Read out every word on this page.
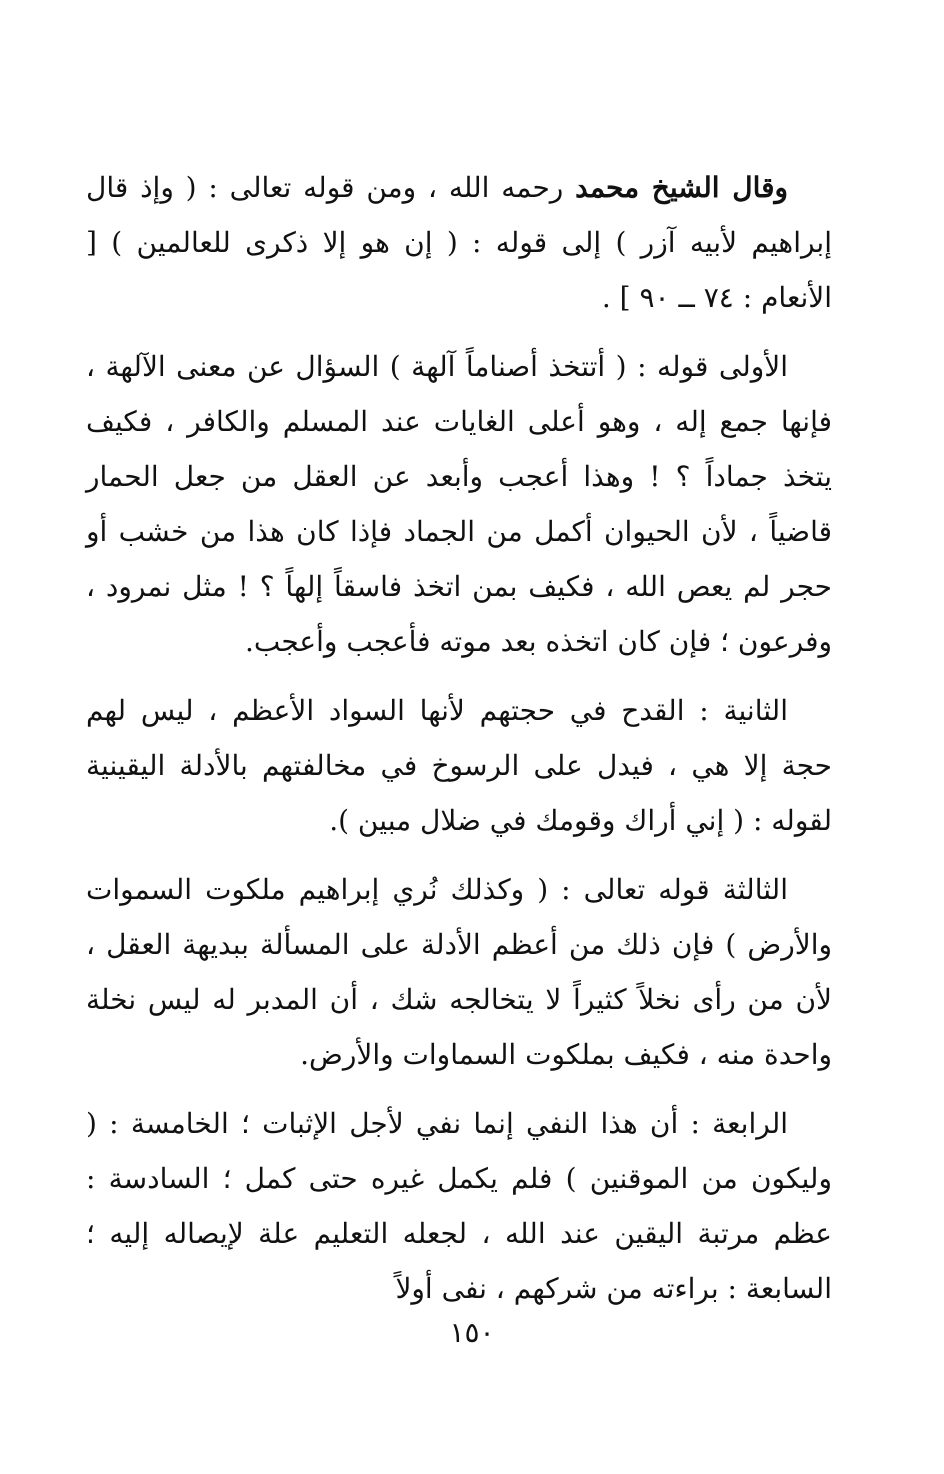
وقال الشيخ محمد رحمه الله ، ومن قوله تعالى : ( وإذ قال إبراهيم لأبيه آزر ) إلى قوله : ( إن هو إلا ذكرى للعالمين ) [ الأنعام : ٧٤ ــ ٩٠ ] .

الأولى قوله : ( أتتخذ أصناماً آلهة ) السؤال عن معنى الآلهة ، فإنها جمع إله ، وهو أعلى الغايات عند المسلم والكافر ، فكيف يتخذ جماداً ؟ ! وهذا أعجب وأبعد عن العقل من جعل الحمار قاضياً ، لأن الحيوان أكمل من الجماد فإذا كان هذا من خشب أو حجر لم يعص الله ، فكيف بمن اتخذ فاسقاً إلهاً ؟ ! مثل نمرود ، وفرعون ؛ فإن كان اتخذه بعد موته فأعجب وأعجب.

الثانية : القدح في حجتهم لأنها السواد الأعظم ، ليس لهم حجة إلا هي ، فيدل على الرسوخ في مخالفتهم بالأدلة اليقينية لقوله : ( إني أراك وقومك في ضلال مبين ).

الثالثة قوله تعالى : ( وكذلك نُري إبراهيم ملكوت السموات والأرض ) فإن ذلك من أعظم الأدلة على المسألة ببديهة العقل ، لأن من رأى نخلاً كثيراً لا يتخالجه شك ، أن المدبر له ليس نخلة واحدة منه ، فكيف بملكوت السماوات والأرض.

الرابعة : أن هذا النفي إنما نفي لأجل الإثبات ؛ الخامسة : ( وليكون من الموقنين ) فلم يكمل غيره حتى كمل ؛ السادسة : عظم مرتبة اليقين عند الله ، لجعله التعليم علة لإيصاله إليه ؛ السابعة : براءته من شركهم ، نفى أولاً

١٥٠
